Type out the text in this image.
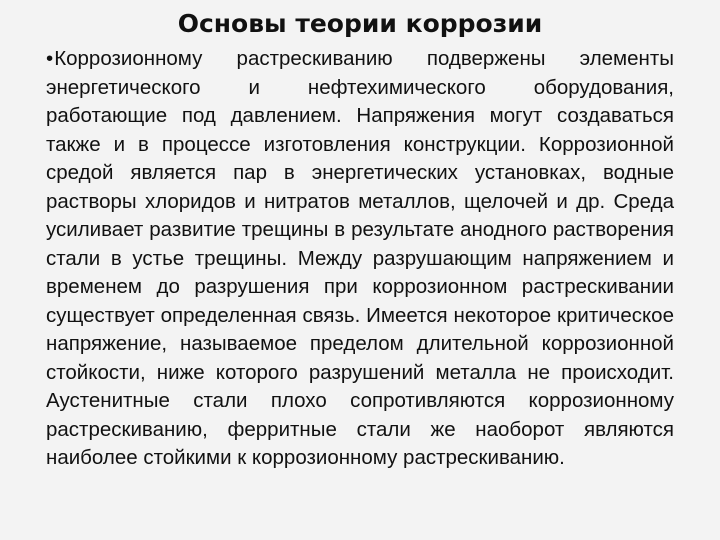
Основы теории коррозии
•Коррозионному растрескиванию подвержены элементы энергетического и нефтехимического оборудования, работающие под давлением. Напряжения могут создаваться также и в процессе изготовления конструкции. Коррозионной средой является пар в энергетических установках, водные растворы хлоридов и нитратов металлов, щелочей и др. Среда усиливает развитие трещины в результате анодного растворения стали в устье трещины. Между разрушающим напряжением и временем до разрушения при коррозионном растрескивании существует определенная связь. Имеется некоторое критическое напряжение, называемое пределом длительной коррозионной стойкости, ниже которого разрушений металла не происходит. Аустенитные стали плохо сопротивляются коррозионному растрескиванию, ферритные стали же наоборот являются наиболее стойкими к коррозионному растрескиванию.
